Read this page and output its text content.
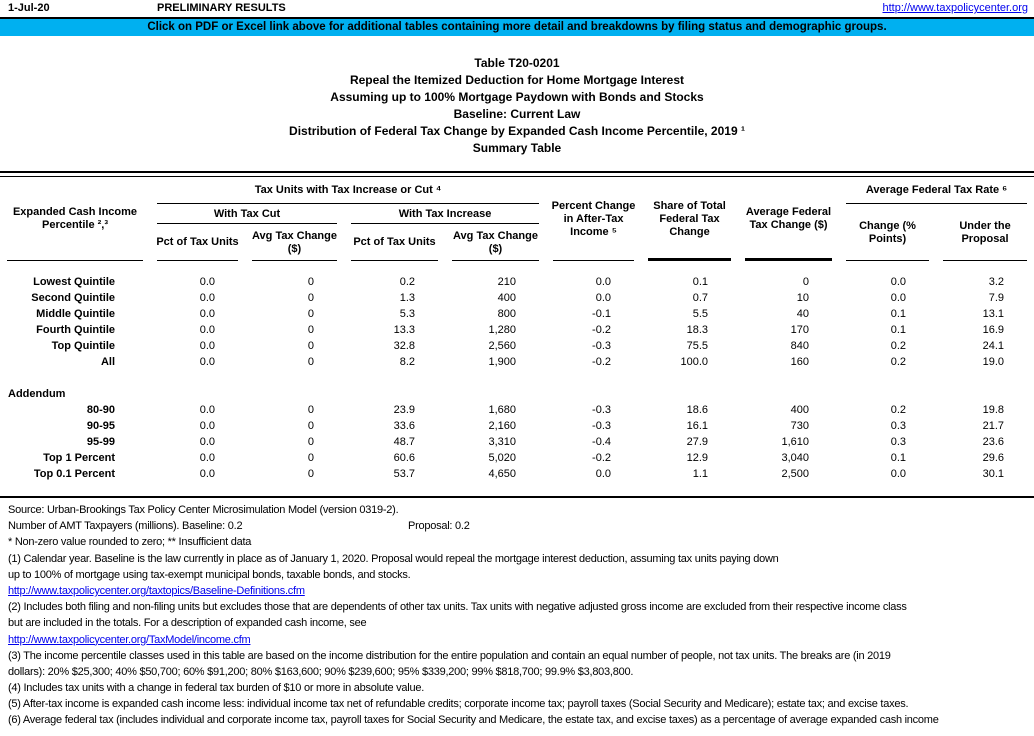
1-Jul-20	PRELIMINARY RESULTS	http://www.taxpolicycenter.org
Click on PDF or Excel link above for additional tables containing more detail and breakdowns by filing status and demographic groups.
Table T20-0201
Repeal the Itemized Deduction for Home Mortgage Interest
Assuming up to 100% Mortgage Paydown with Bonds and Stocks
Baseline: Current Law
Distribution of Federal Tax Change by Expanded Cash Income Percentile, 2019 ¹
Summary Table
Expanded Cash Income Percentile ²,³	Tax Units with Tax Increase or Cut ⁴				Percent Change in After-Tax Income ⁵	Share of Total Federal Tax Change	Average Federal Tax Change ($)	Average Federal Tax Rate ⁶	

	With Tax Cut		With Tax Increase					Change (% Points)	Under the Proposal

	Pct of Tax Units	Avg Tax Change ($)	Pct of Tax Units	Avg Tax Change ($)					

Lowest Quintile	0.0	0	0.2	210	0.0	0.1	0	0.0	3.2
Second Quintile	0.0	0	1.3	400	0.0	0.7	10	0.0	7.9
Middle Quintile	0.0	0	5.3	800	-0.1	5.5	40	0.1	13.1
Fourth Quintile	0.0	0	13.3	1,280	-0.2	18.3	170	0.1	16.9
Top Quintile	0.0	0	32.8	2,560	-0.3	75.5	840	0.2	24.1
All	0.0	0	8.2	1,900	-0.2	100.0	160	0.2	19.0

Addendum									
80-90	0.0	0	23.9	1,680	-0.3	18.6	400	0.2	19.8
90-95	0.0	0	33.6	2,160	-0.3	16.1	730	0.3	21.7
95-99	0.0	0	48.7	3,310	-0.4	27.9	1,610	0.3	23.6
Top 1 Percent	0.0	0	60.6	5,020	-0.2	12.9	3,040	0.1	29.6
Top 0.1 Percent	0.0	0	53.7	4,650	0.0	1.1	2,500	0.0	30.1

Source: Urban-Brookings Tax Policy Center Microsimulation Model (version 0319-2).
Number of AMT Taxpayers (millions). Baseline: 0.2	Proposal: 0.2
* Non-zero value rounded to zero; ** Insufficient data
(1) Calendar year. Baseline is the law currently in place as of January 1, 2020. Proposal would repeal the mortgage interest deduction, assuming tax units paying down
up to 100% of mortgage using tax-exempt municipal bonds, taxable bonds, and stocks.
http://www.taxpolicycenter.org/taxtopics/Baseline-Definitions.cfm
(2) Includes both filing and non-filing units but excludes those that are dependents of other tax units. Tax units with negative adjusted gross income are excluded from their respective income class
but are included in the totals. For a description of expanded cash income, see
http://www.taxpolicycenter.org/TaxModel/income.cfm
(3) The income percentile classes used in this table are based on the income distribution for the entire population and contain an equal number of people, not tax units. The breaks are (in 2019
dollars): 20% $25,300; 40% $50,700; 60% $91,200; 80% $163,600; 90% $239,600; 95% $339,200; 99% $818,700; 99.9% $3,803,800.
(4) Includes tax units with a change in federal tax burden of $10 or more in absolute value.
(5) After-tax income is expanded cash income less: individual income tax net of refundable credits; corporate income tax; payroll taxes (Social Security and Medicare); estate tax; and excise taxes.
(6) Average federal tax (includes individual and corporate income tax, payroll taxes for Social Security and Medicare, the estate tax, and excise taxes) as a percentage of average expanded cash income
